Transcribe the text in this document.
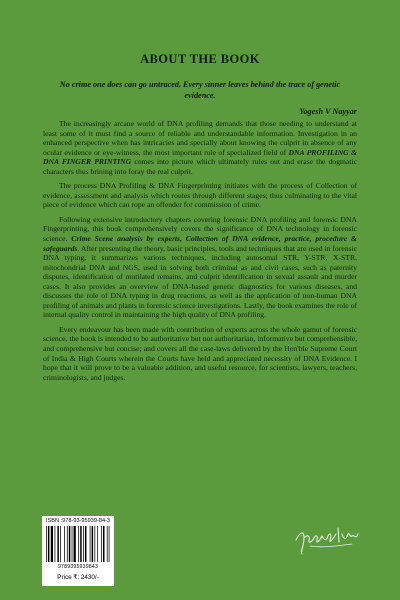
ABOUT THE BOOK
No crime one does can go untraced. Every sinner leaves behind the trace of genetic evidence.
Yogesh V Nayyar

The increasingly arcane world of DNA profiling demands that those needing to understand at least some of it must find a source of reliable and understandable information. Investigation in an enhanced perspective when has intricacies and specially about knowing the culprit in absence of any ocular evidence or eye-witness, the most important role of specialized field of DNA PROFILING & DNA FINGER PRINTING comes into picture which ultimately rules out and erase the dogmatic characters thus brining into foray the real culprit.

The process DNA Profiling & DNA Fingerprinting initiates with the process of Collection of evidence, assessment and analysis which routes through different stages; thus culminating to the vital piece of evidence which can rope an offender for commission of crime.

Following extensive introductory chapters covering forensic DNA profiling and forensic DNA Fingerprinting, this book comprehensively covers the significance of DNA technology in forensic science. Crime Scene analysis by experts, Collection of DNA evidence, practice, procedure & safeguards. After presenting the theory, basic principles, tools and techniques that are used in forensic DNA typing, it summarizes various techniques, including autosomal STR, Y-STR, X-STR, mitochondrial DNA and NGS, used in solving both criminal as and civil cases, such as paternity disputes, identification of mutilated remains, and culprit identification in sexual assault and murder cases. It also provides an overview of DNA-based genetic diagnostics for various diseases, and discusses the role of DNA typing in drug reactions, as well as the application of non-human DNA profiling of animals and plants in forensic science investigations. Lastly, the book examines the role of internal quality control in maintaining the high quality of DNA profiling.

Every endeavour has been made with contribution of experts across the whole gamut of forensic science, the book is intended to be authoritative but not authoritarian, informative but comprehensible, and comprehensive but concise; and covers all the case-laws delivered by the Hon'ble Supreme Court of India & High Courts wherein the Courts have held and appreciated necessity of DNA Evidence. I hope that it will prove to be a valuable addition, and useful resource, for scientists, lawyers, teachers, criminologists, and judges.

ISBN :978-93-95939-84-3
9789395939843
Price ₹: 2430/-
